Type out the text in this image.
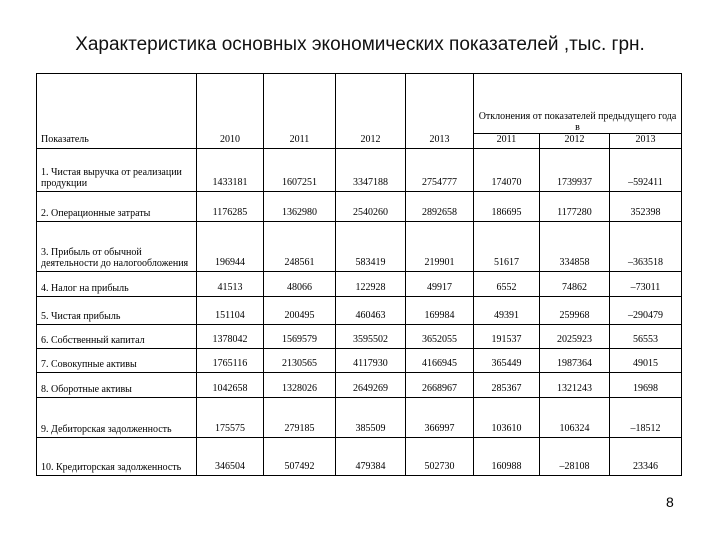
Характеристика основных экономических показателей ,тыс. грн.
Показатель	2010	2011	2012	2013	Отклонения от показателей предыдущего года в		
					2011	2012	2013
1. Чистая выручка от реализации продукции	1433181	1607251	3347188	2754777	174070	1739937	–592411
2. Операционные затраты	1176285	1362980	2540260	2892658	186695	1177280	352398
3. Прибыль от обычной деятельности до налогообложения	196944	248561	583419	219901	51617	334858	–363518
4. Налог на прибыль	41513	48066	122928	49917	6552	74862	–73011
5. Чистая прибыль	151104	200495	460463	169984	49391	259968	–290479
6. Собственный капитал	1378042	1569579	3595502	3652055	191537	2025923	56553
7. Совокупные активы	1765116	2130565	4117930	4166945	365449	1987364	49015
8. Оборотные активы	1042658	1328026	2649269	2668967	285367	1321243	19698
9. Дебиторская задолженность	175575	279185	385509	366997	103610	106324	–18512
10. Кредиторская задолженность	346504	507492	479384	502730	160988	–28108	23346
8
